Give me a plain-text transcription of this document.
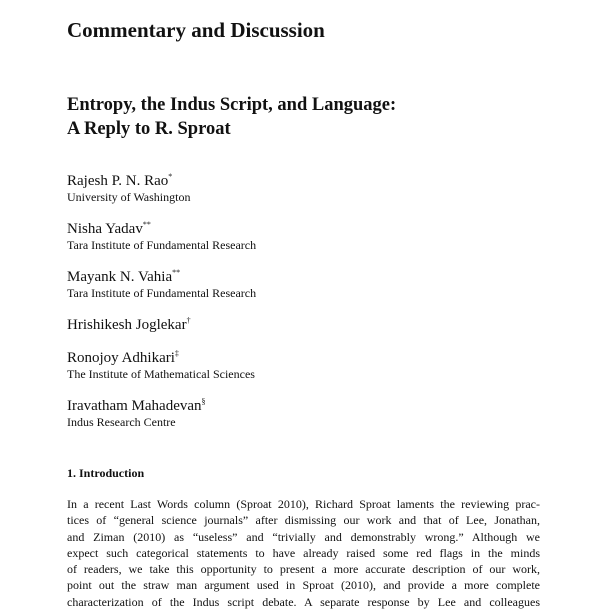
Commentary and Discussion
Entropy, the Indus Script, and Language:
A Reply to R. Sproat
Rajesh P. N. Rao*
University of Washington
Nisha Yadav**
Tara Institute of Fundamental Research
Mayank N. Vahia**
Tara Institute of Fundamental Research
Hrishikesh Joglekar†
Ronojoy Adhikari‡
The Institute of Mathematical Sciences
Iravatham Mahadevan§
Indus Research Centre
1. Introduction
In a recent Last Words column (Sproat 2010), Richard Sproat laments the reviewing prac-
tices of “general science journals” after dismissing our work and that of Lee, Jonathan,
and Ziman (2010) as “useless” and “trivially and demonstrably wrong.” Although we
expect such categorical statements to have already raised some red flags in the minds
of readers, we take this opportunity to present a more accurate description of our work,
point out the straw man argument used in Sproat (2010), and provide a more complete
characterization of the Indus script debate. A separate response by Lee and colleagues
